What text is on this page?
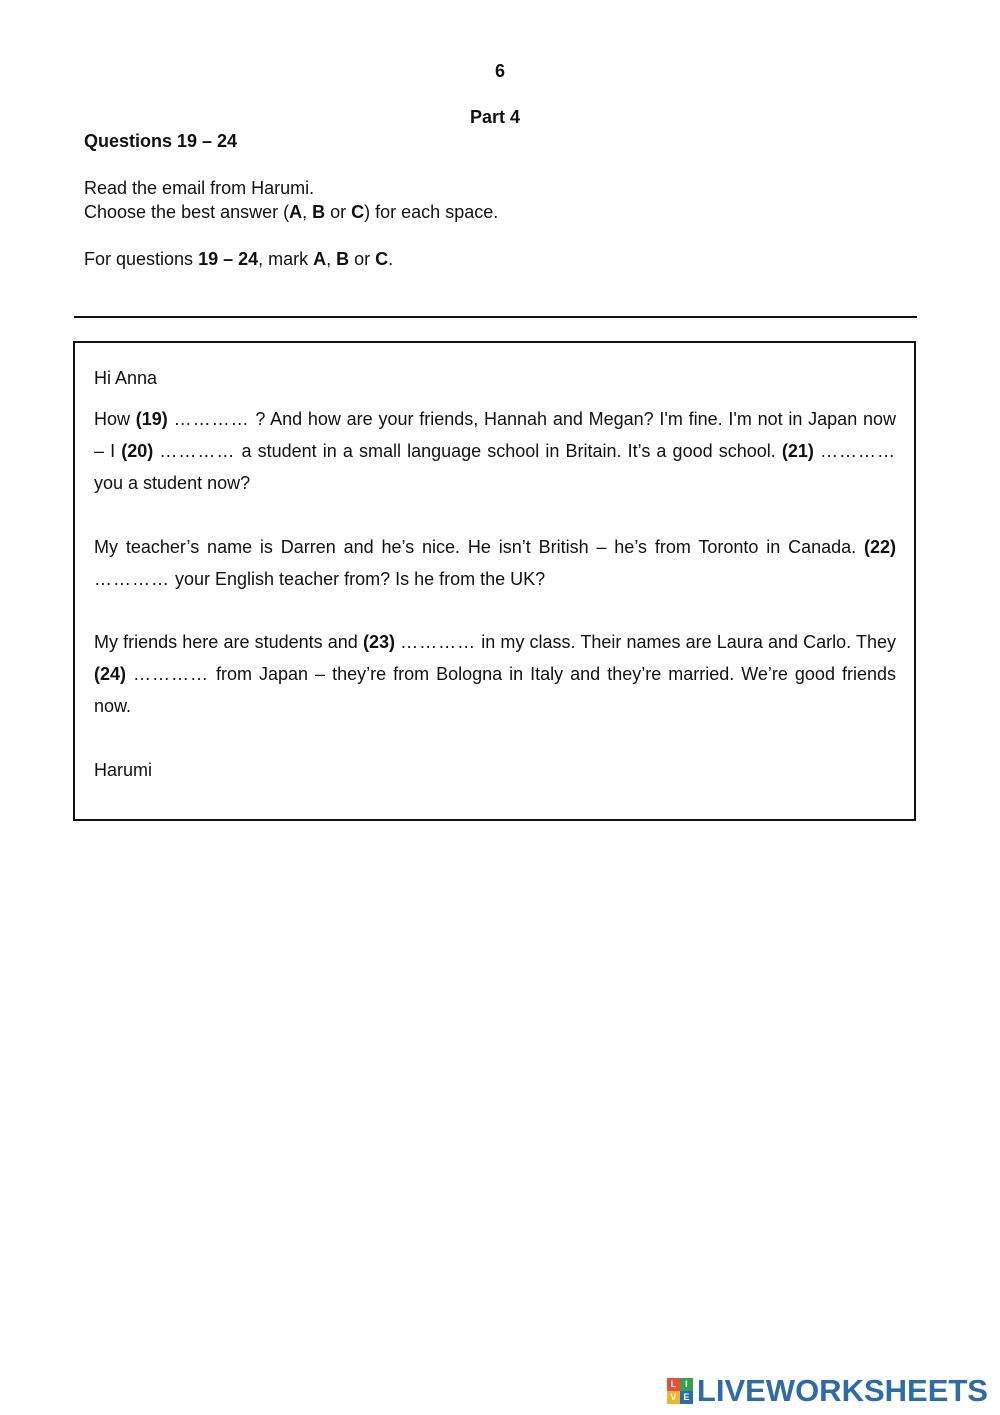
6
Part 4
Questions 19 – 24
Read the email from Harumi.
Choose the best answer (A, B or C) for each space.
For questions 19 – 24, mark A, B or C.
Hi Anna
How (19) ………… ? And how are your friends, Hannah and Megan? I'm fine. I'm not in Japan now – I (20) ………… a student in a small language school in Britain. It’s a good school. (21) ………… you a student now?
My teacher’s name is Darren and he’s nice. He isn’t British – he’s from Toronto in Canada. (22) ………… your English teacher from? Is he from the UK?
My friends here are students and (23) ………… in my class. Their names are Laura and Carlo. They (24) ………… from Japan – they’re from Bologna in Italy and they’re married. We’re good friends now.
Harumi
L I
V E LIVEWORKSHEETS
